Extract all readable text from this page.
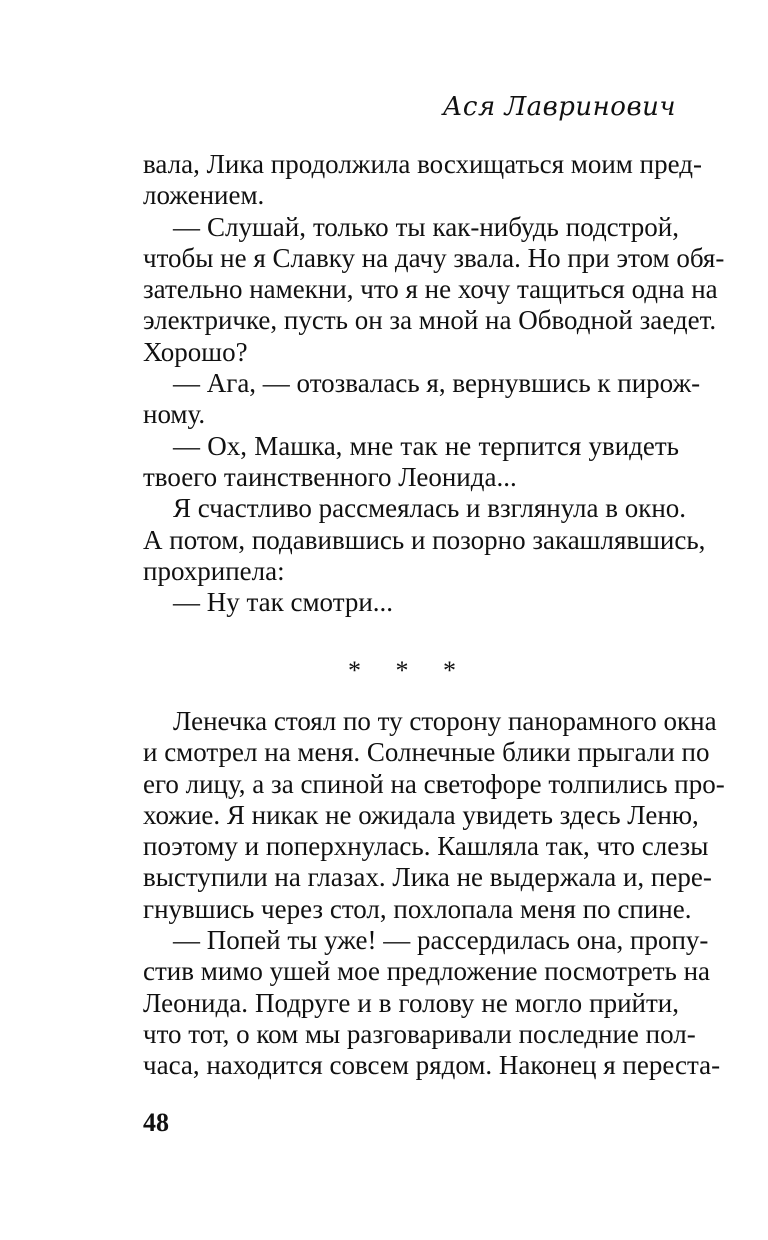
Ася Лавринович
вала, Лика продолжила восхищаться моим пред-
ложением.
— Слушай, только ты как-нибудь подстрой,
чтобы не я Славку на дачу звала. Но при этом обя-
зательно намекни, что я не хочу тащиться одна на
электричке, пусть он за мной на Обводной заедет.
Хорошо?
— Ага, — отозвалась я, вернувшись к пирож-
ному.
— Ох, Машка, мне так не терпится увидеть
твоего таинственного Леонида...
Я счастливо рассмеялась и взглянула в окно.
А потом, подавившись и позорно закашлявшись,
прохрипела:
— Ну так смотри...
* * *
Ленечка стоял по ту сторону панорамного окна
и смотрел на меня. Солнечные блики прыгали по
его лицу, а за спиной на светофоре толпились про-
хожие. Я никак не ожидала увидеть здесь Леню,
поэтому и поперхнулась. Кашляла так, что слезы
выступили на глазах. Лика не выдержала и, пере-
гнувшись через стол, похлопала меня по спине.
— Попей ты уже! — рассердилась она, пропу-
стив мимо ушей мое предложение посмотреть на
Леонида. Подруге и в голову не могло прийти,
что тот, о ком мы разговаривали последние пол-
часа, находится совсем рядом. Наконец я переста-
48
